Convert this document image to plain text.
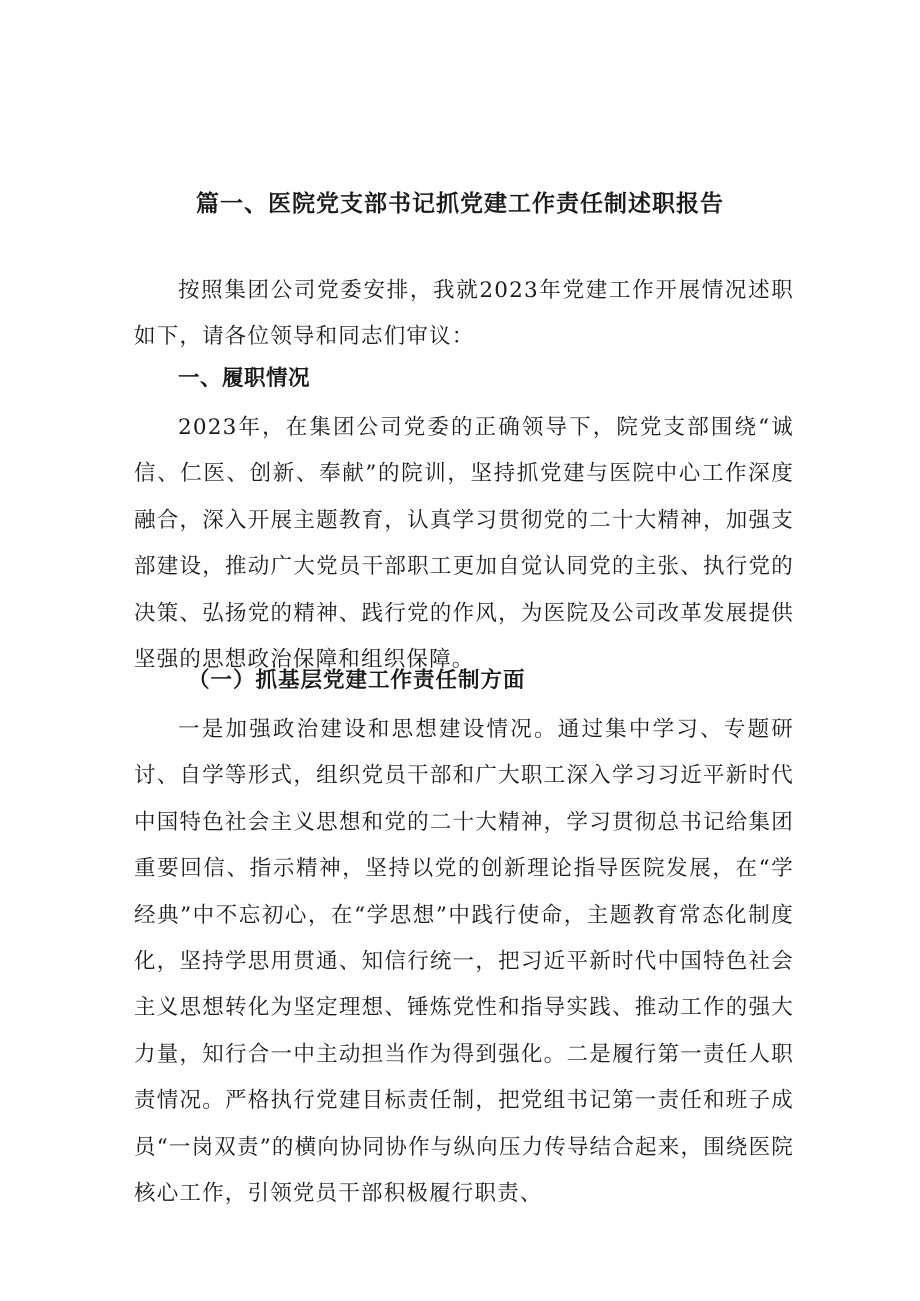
篇一、医院党支部书记抓党建工作责任制述职报告

按照集团公司党委安排，我就2023年党建工作开展情况述职如下，请各位领导和同志们审议：

一、履职情况

2023年，在集团公司党委的正确领导下，院党支部围绕“诚信、仁医、创新、奉献”的院训，坚持抓党建与医院中心工作深度融合，深入开展主题教育，认真学习贯彻党的二十大精神，加强支部建设，推动广大党员干部职工更加自觉认同党的主张、执行党的决策、弘扬党的精神、践行党的作风，为医院及公司改革发展提供坚强的思想政治保障和组织保障。

（一）抓基层党建工作责任制方面

一是加强政治建设和思想建设情况。通过集中学习、专题研讨、自学等形式，组织党员干部和广大职工深入学习习近平新时代中国特色社会主义思想和党的二十大精神，学习贯彻总书记给集团重要回信、指示精神，坚持以党的创新理论指导医院发展，在“学经典”中不忘初心，在“学思想”中践行使命，主题教育常态化制度化，坚持学思用贯通、知信行统一，把习近平新时代中国特色社会主义思想转化为坚定理想、锤炼党性和指导实践、推动工作的强大力量，知行合一中主动担当作为得到强化。二是履行第一责任人职责情况。严格执行党建目标责任制，把党组书记第一责任和班子成员“一岗双责”的横向协同协作与纵向压力传导结合起来，围绕医院核心工作，引领党员干部积极履行职责、
